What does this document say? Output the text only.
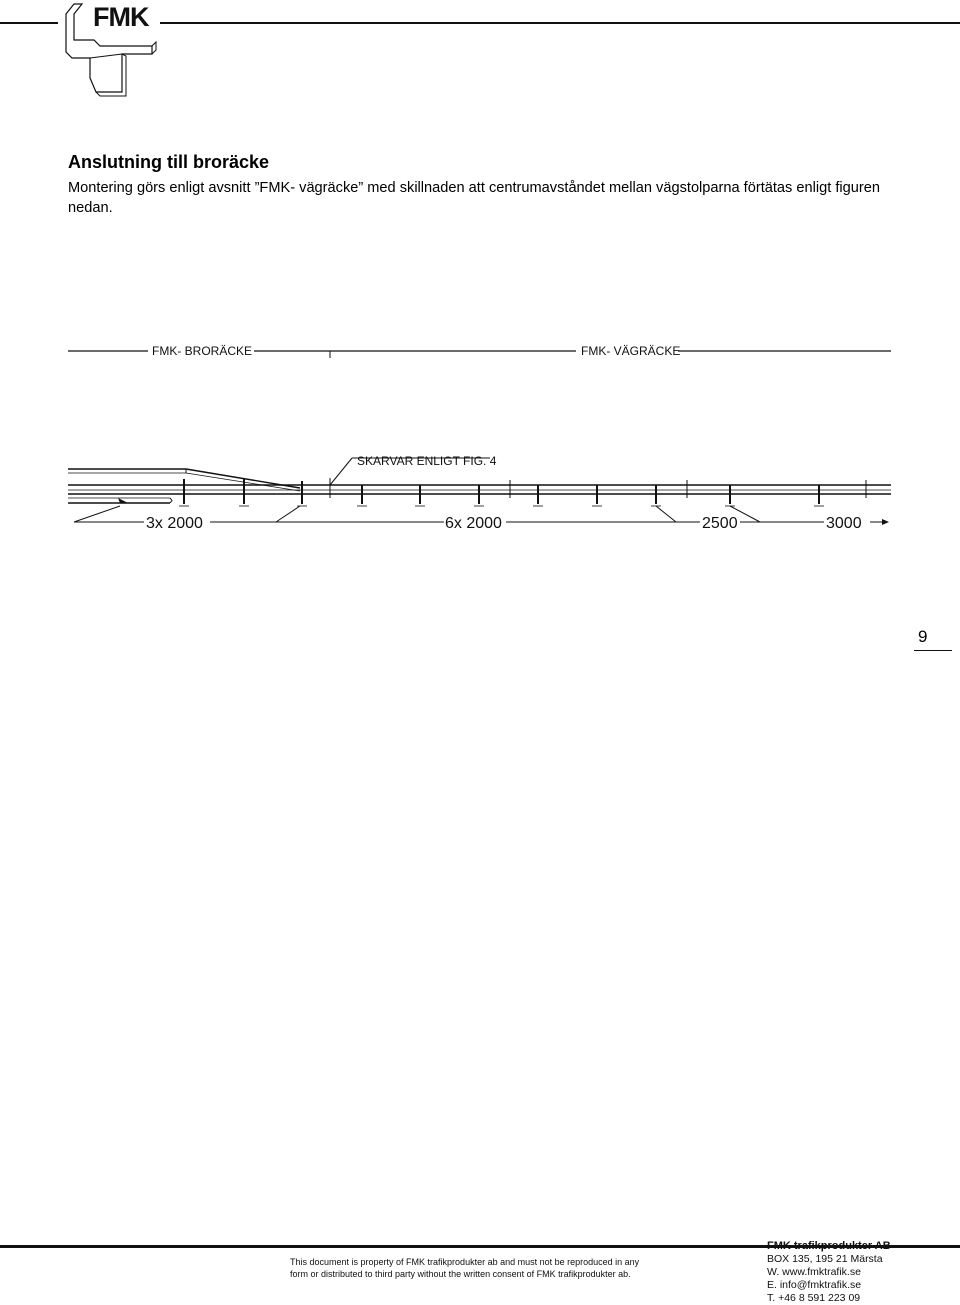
FMK
Anslutning till broräcke
Montering görs enligt avsnitt ”FMK- vägräcke” med skillnaden att centrumavståndet mellan vägstolparna förtätas enligt figuren nedan.
FMK- BRORÄCKE	FMK- VÄGRÄCKE
SKARVAR ENLIGT FIG. 4
3x 2000	6x 2000	2500	3000
9
This document is property of FMK trafikprodukter ab and must not be reproduced in any
form or distributed to third party without the written consent of FMK trafikprodukter ab.
FMK trafikprodukter AB
BOX 135, 195 21 Märsta
W. www.fmktrafik.se
E. info@fmktrafik.se
T. +46 8 591 223 09
